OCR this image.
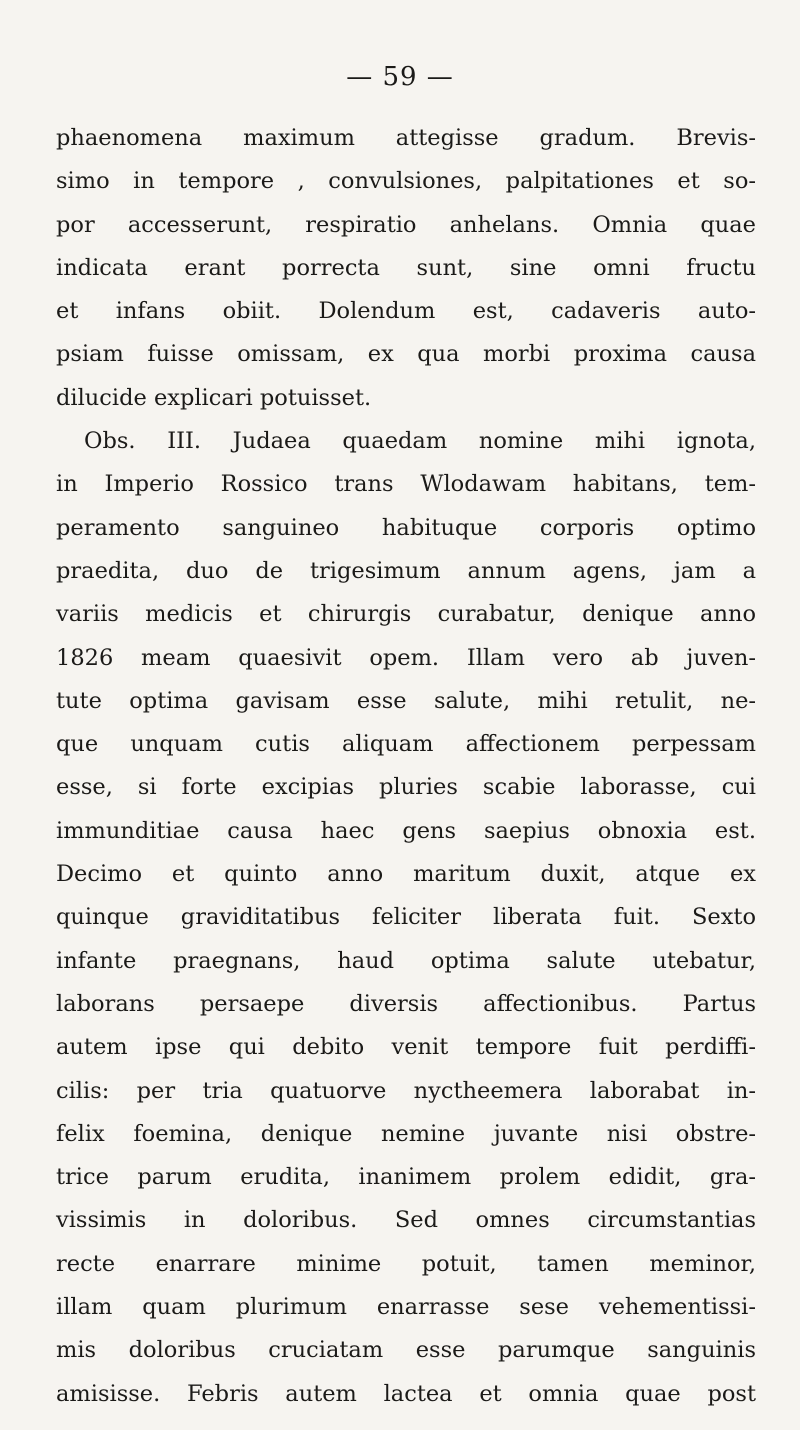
— 59 —
phaenomena maximum attegisse gradum. Brevis-
simo in tempore , convulsiones, palpitationes et so-
por accesserunt, respiratio anhelans. Omnia quae
indicata erant porrecta sunt, sine omni fructu
et infans obiit. Dolendum est, cadaveris auto-
psiam fuisse omissam, ex qua morbi proxima causa
dilucide explicari potuisset.
Obs. III. Judaea quaedam nomine mihi ignota,
in Imperio Rossico trans Wlodawam habitans, tem-
peramento sanguineo habituque corporis optimo
praedita, duo de trigesimum annum agens, jam a
variis medicis et chirurgis curabatur, denique anno
1826 meam quaesivit opem. Illam vero ab juven-
tute optima gavisam esse salute, mihi retulit, ne-
que unquam cutis aliquam affectionem perpessam
esse, si forte excipias pluries scabie laborasse, cui
immunditiae causa haec gens saepius obnoxia est.
Decimo et quinto anno maritum duxit, atque ex
quinque graviditatibus feliciter liberata fuit. Sexto
infante praegnans, haud optima salute utebatur,
laborans persaepe diversis affectionibus. Partus
autem ipse qui debito venit tempore fuit perdiffi-
cilis: per tria quatuorve nyctheemera laborabat in-
felix foemina, denique nemine juvante nisi obstre-
trice parum erudita, inanimem prolem edidit, gra-
vissimis in doloribus. Sed omnes circumstantias
recte enarrare minime potuit, tamen meminor,
illam quam plurimum enarrasse sese vehementissi-
mis doloribus cruciatam esse parumque sanguinis
amisisse. Febris autem lactea et omnia quae post
